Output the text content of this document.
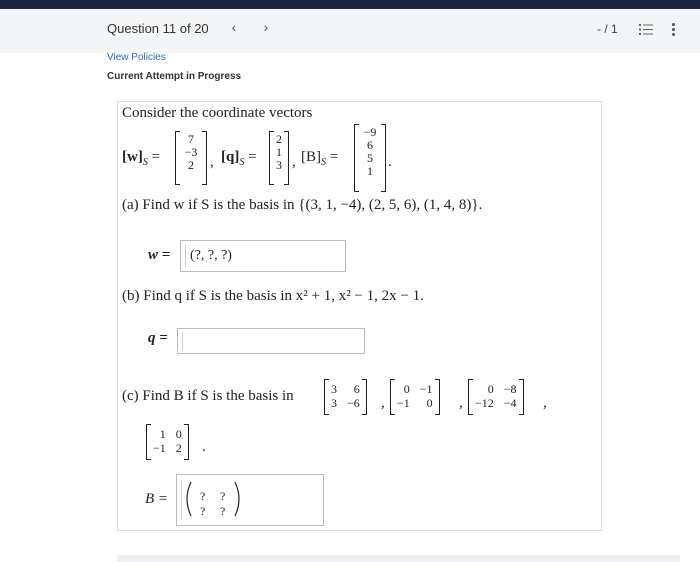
Question 11 of 20	‹	›	- / 1
View Policies
Current Attempt in Progress
Consider the coordinate vectors
$[w]_S$ =
7
−3
2	, $[q]_S$ =
2
1
3 , $[B]_S$ =
−9
6
5
1
.
(a) Find w if S is the basis in {(3, 1, −4), (2, 5, 6), (1, 4, 8)}.
w =	(?, ?, ?)
(b) Find q if S is the basis in x² + 1, x² − 1, 2x − 1.
q =
(c) Find B if S is the basis in	3	6
3 −6 ,
0 −1
−1	0 ,
0 −8
−12 −4 ,
1 0
−1 2 .
B =	? ?
? ?
